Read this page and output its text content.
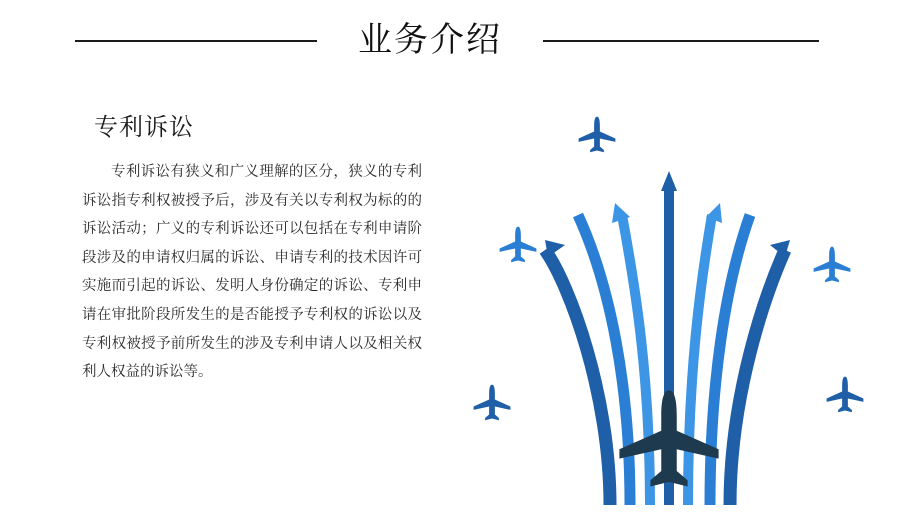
业务介绍
专利诉讼

专利诉讼有狭义和广义理解的区分，狭义的专利诉讼指专利权被授予后，涉及有关以专利权为标的的诉讼活动；广义的专利诉讼还可以包括在专利申请阶段涉及的申请权归属的诉讼、申请专利的技术因许可实施而引起的诉讼、发明人身份确定的诉讼、专利申请在审批阶段所发生的是否能授予专利权的诉讼以及专利权被授予前所发生的涉及专利申请人以及相关权利人权益的诉讼等。
